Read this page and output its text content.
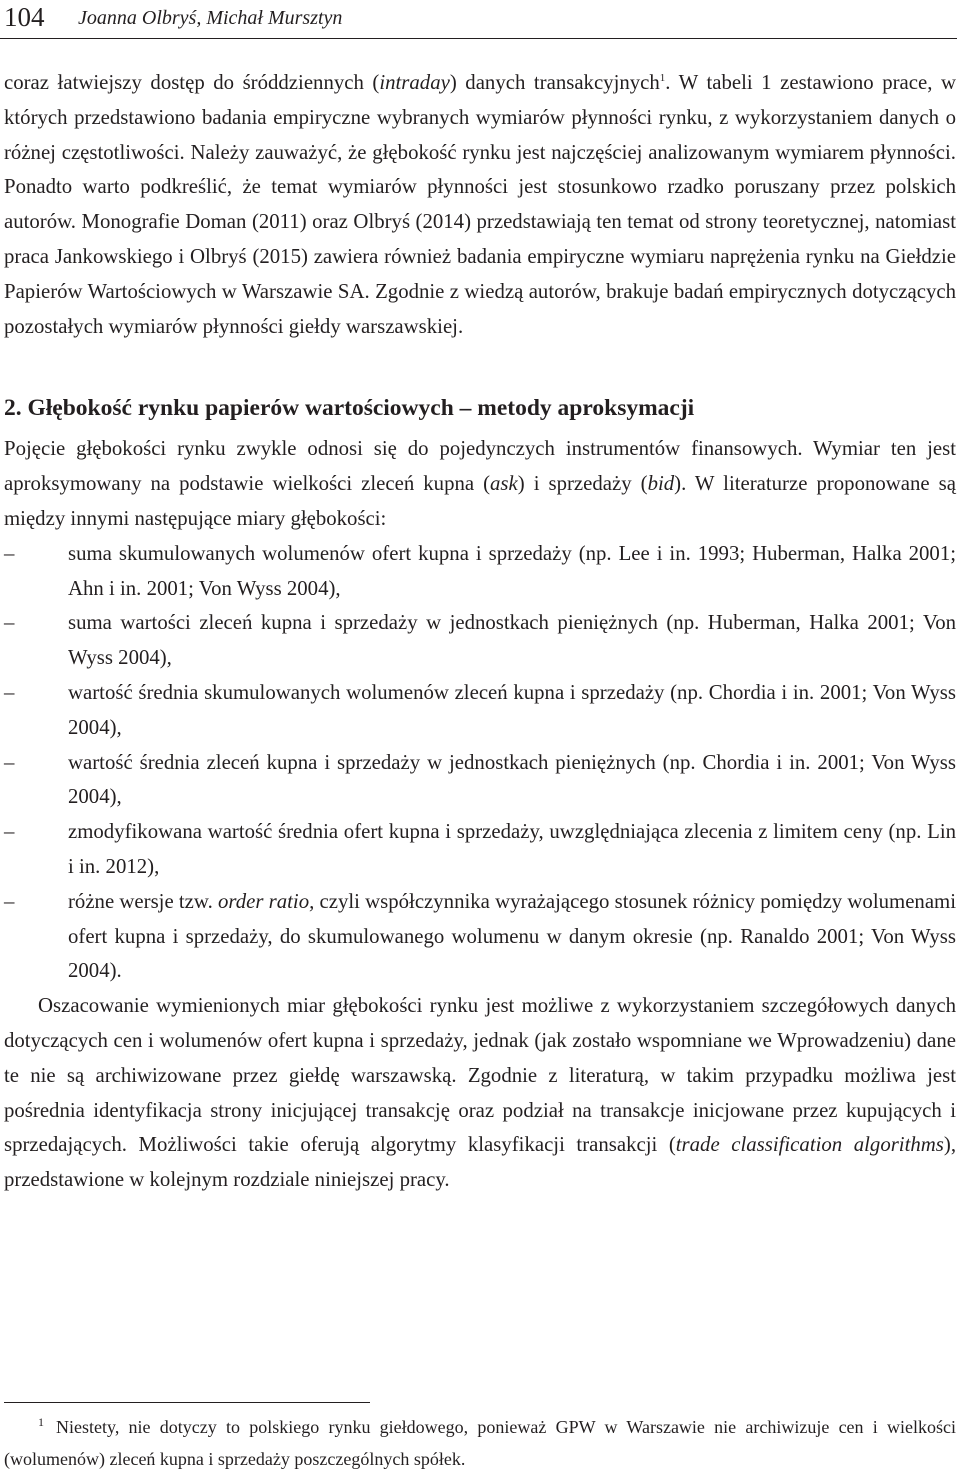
104 Joanna Olbryś, Michał Mursztyn

coraz łatwiejszy dostęp do śróddziennych (intraday) danych transakcyjnych$^1$. W tabeli 1 zestawiono prace, w których przedstawiono badania empiryczne wybranych wymiarów płynności rynku, z wykorzystaniem danych o różnej częstotliwości. Należy zauważyć, że głębokość rynku jest najczęściej analizowanym wymiarem płynności. Ponadto warto podkreślić, że temat wymiarów płynności jest stosunkowo rzadko poruszany przez polskich autorów. Monografie Doman (2011) oraz Olbryś (2014) przedstawiają ten temat od strony teoretycznej, natomiast praca Jankowskiego i Olbryś (2015) zawiera również badania empiryczne wymiaru naprężenia rynku na Giełdzie Papierów Wartościowych w Warszawie SA. Zgodnie z wiedzą autorów, brakuje badań empirycznych dotyczących pozostałych wymiarów płynności giełdy warszawskiej.

2. Głębokość rynku papierów wartościowych – metody aproksymacji

Pojęcie głębokości rynku zwykle odnosi się do pojedynczych instrumentów finansowych. Wymiar ten jest aproksymowany na podstawie wielkości zleceń kupna (ask) i sprzedaży (bid). W literaturze proponowane są między innymi następujące miary głębokości:

–	suma skumulowanych wolumenów ofert kupna i sprzedaży (np. Lee i in. 1993; Huberman, Halka 2001; Ahn i in. 2001; Von Wyss 2004),
–	suma wartości zleceń kupna i sprzedaży w jednostkach pieniężnych (np. Huberman, Halka 2001; Von Wyss 2004),
–	wartość średnia skumulowanych wolumenów zleceń kupna i sprzedaży (np. Chordia i in. 2001; Von Wyss 2004),
–	wartość średnia zleceń kupna i sprzedaży w jednostkach pieniężnych (np. Chordia i in. 2001; Von Wyss 2004),
–	zmodyfikowana wartość średnia ofert kupna i sprzedaży, uwzględniająca zlecenia z limitem ceny (np. Lin i in. 2012),
–	różne wersje tzw. order ratio, czyli współczynnika wyrażającego stosunek różnicy pomiędzy wolumenami ofert kupna i sprzedaży, do skumulowanego wolumenu w danym okresie (np. Ranaldo 2001; Von Wyss 2004).

Oszacowanie wymienionych miar głębokości rynku jest możliwe z wykorzystaniem szczegółowych danych dotyczących cen i wolumenów ofert kupna i sprzedaży, jednak (jak zostało wspomniane we Wprowadzeniu) dane te nie są archiwizowane przez giełdę warszawską. Zgodnie z literaturą, w takim przypadku możliwa jest pośrednia identyfikacja strony inicjującej transakcję oraz podział na transakcje inicjowane przez kupujących i sprzedających. Możliwości takie oferują algorytmy klasyfikacji transakcji (trade classification algorithms), przedstawione w kolejnym rozdziale niniejszej pracy.

$^1$ Niestety, nie dotyczy to polskiego rynku giełdowego, ponieważ GPW w Warszawie nie archiwizuje cen i wielkości (wolumenów) zleceń kupna i sprzedaży poszczególnych spółek.
